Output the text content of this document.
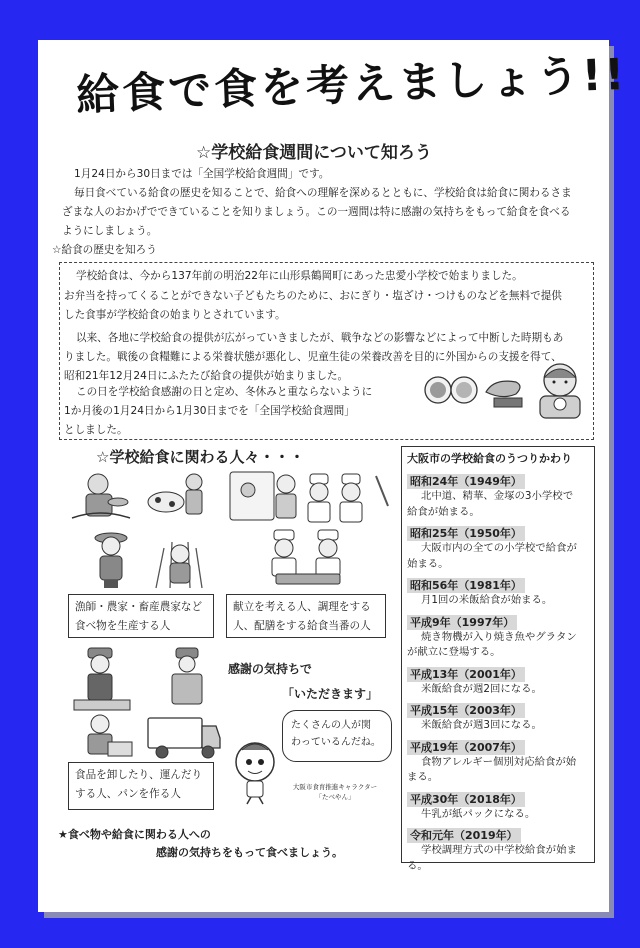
給食で食を考えましょう!!
☆学校給食週間について知ろう
1月24日から30日までは「全国学校給食週間」です。
毎日食べている給食の歴史を知ることで、給食への理解を深めるとともに、学校給食は給食に関わるさま
ざまな人のおかげでできていることを知りましょう。この一週間は特に感謝の気持ちをもって給食を食べる
ようにしましょう。
☆給食の歴史を知ろう
学校給食は、今から137年前の明治22年に山形県鶴岡町にあった忠愛小学校で始まりました。
お弁当を持ってくることができない子どもたちのために、おにぎり・塩ざけ・つけものなどを無料で提供
した食事が学校給食の始まりとされています。
以来、各地に学校給食の提供が広がっていきましたが、戦争などの影響などによって中断した時期もあ
りました。戦後の食糧難による栄養状態が悪化し、児童生徒の栄養改善を目的に外国からの支援を得て、
昭和21年12月24日にふたたび給食の提供が始まりました。
この日を学校給食感謝の日と定め、冬休みと重ならないように
1か月後の1月24日から1月30日までを「全国学校給食週間」
としました。
☆学校給食に関わる人々・・・
漁師・農家・畜産農家など
食べ物を生産する人
献立を考える人、調理をする
人、配膳をする給食当番の人
感謝の気持ちで
「いただきます」
たくさんの人が関
わっているんだね。
大阪市食育推進キャラクター
「たべやん」
食品を卸したり、運んだり
する人、パンを作る人
★食べ物や給食に関わる人への
感謝の気持ちをもって食べましょう。
大阪市の学校給食のうつりかわり
昭和24年（1949年）
北中道、精華、金塚の3小学校で
給食が始まる。
昭和25年（1950年）
大阪市内の全ての小学校で給食が
始まる。
昭和56年（1981年）
月1回の米飯給食が始まる。
平成9年（1997年）
焼き物機が入り焼き魚やグラタン
が献立に登場する。
平成13年（2001年）
米飯給食が週2回になる。
平成15年（2003年）
米飯給食が週3回になる。
平成19年（2007年）
食物アレルギー個別対応給食が始
まる。
平成30年（2018年）
牛乳が紙パックになる。
令和元年（2019年）
学校調理方式の中学校給食が始ま
る。
